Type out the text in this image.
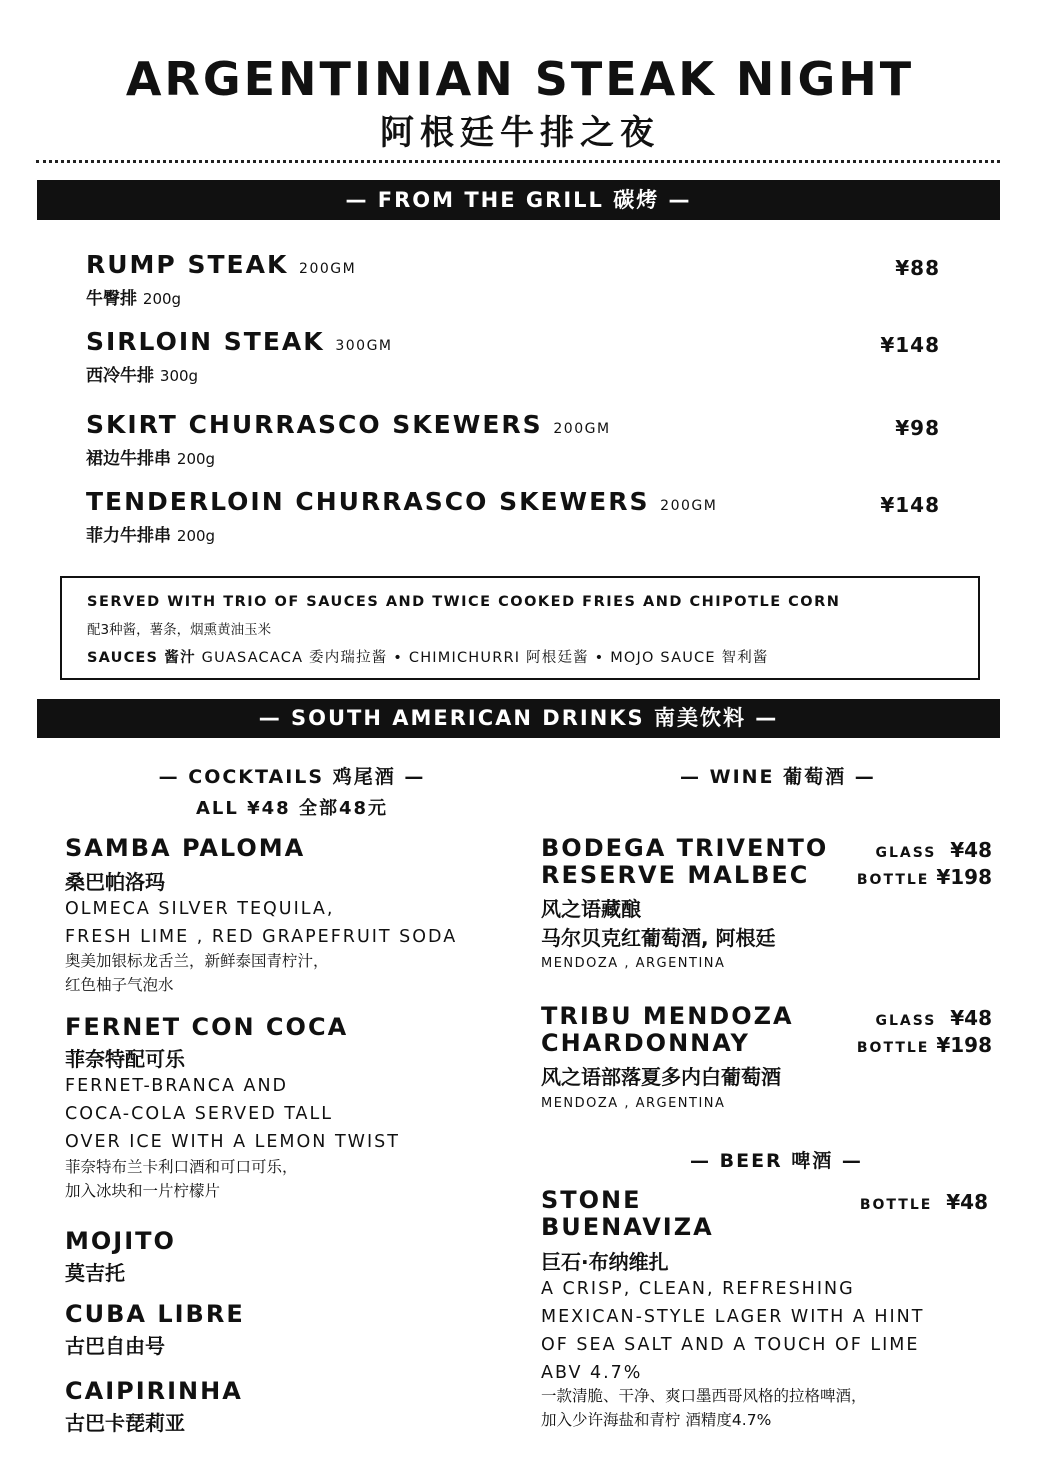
ARGENTINIAN STEAK NIGHT
阿根廷牛排之夜
— FROM THE GRILL 碳烤 —
RUMP STEAK 200GM
牛臀排 200g
¥88
SIRLOIN STEAK 300GM
西冷牛排 300g
¥148
SKIRT CHURRASCO SKEWERS 200GM
裙边牛排串 200g
¥98
TENDERLOIN CHURRASCO SKEWERS 200GM
菲力牛排串 200g
¥148
SERVED WITH TRIO OF SAUCES AND TWICE COOKED FRIES AND CHIPOTLE CORN
配3种酱，薯条，烟熏黄油玉米
SAUCES 酱汁 GUASACACA 委内瑞拉酱 • CHIMICHURRI 阿根廷酱 • MOJO SAUCE 智利酱
— SOUTH AMERICAN DRINKS 南美饮料 —
— COCKTAILS 鸡尾酒 —
ALL ¥48 全部48元
SAMBA PALOMA
桑巴帕洛玛
OLMECA SILVER TEQUILA,
FRESH LIME , RED GRAPEFRUIT SODA
奥美加银标龙舌兰，新鲜泰国青柠汁，
红色柚子气泡水
FERNET CON COCA
菲奈特配可乐
FERNET-BRANCA AND
COCA-COLA SERVED TALL
OVER ICE WITH A LEMON TWIST
菲奈特布兰卡利口酒和可口可乐，
加入冰块和一片柠檬片
MOJITO
莫吉托
CUBA LIBRE
古巴自由号
CAIPIRINHA
古巴卡琵莉亚
— WINE 葡萄酒 —
BODEGA TRIVENTO
RESERVE MALBEC
GLASS ¥48
BOTTLE ¥198
风之语藏酿
马尔贝克红葡萄酒, 阿根廷
MENDOZA , ARGENTINA
TRIBU MENDOZA
CHARDONNAY
GLASS ¥48
BOTTLE ¥198
风之语部落夏多内白葡萄酒
MENDOZA , ARGENTINA
— BEER 啤酒 —
STONE
BUENAVIZA
BOTTLE ¥48
巨石·布纳维扎
A CRISP, CLEAN, REFRESHING
MEXICAN-STYLE LAGER WITH A HINT
OF SEA SALT AND A TOUCH OF LIME
ABV 4.7%
一款清脆、干净、爽口墨西哥风格的拉格啤酒，
加入少许海盐和青柠 酒精度4.7%
